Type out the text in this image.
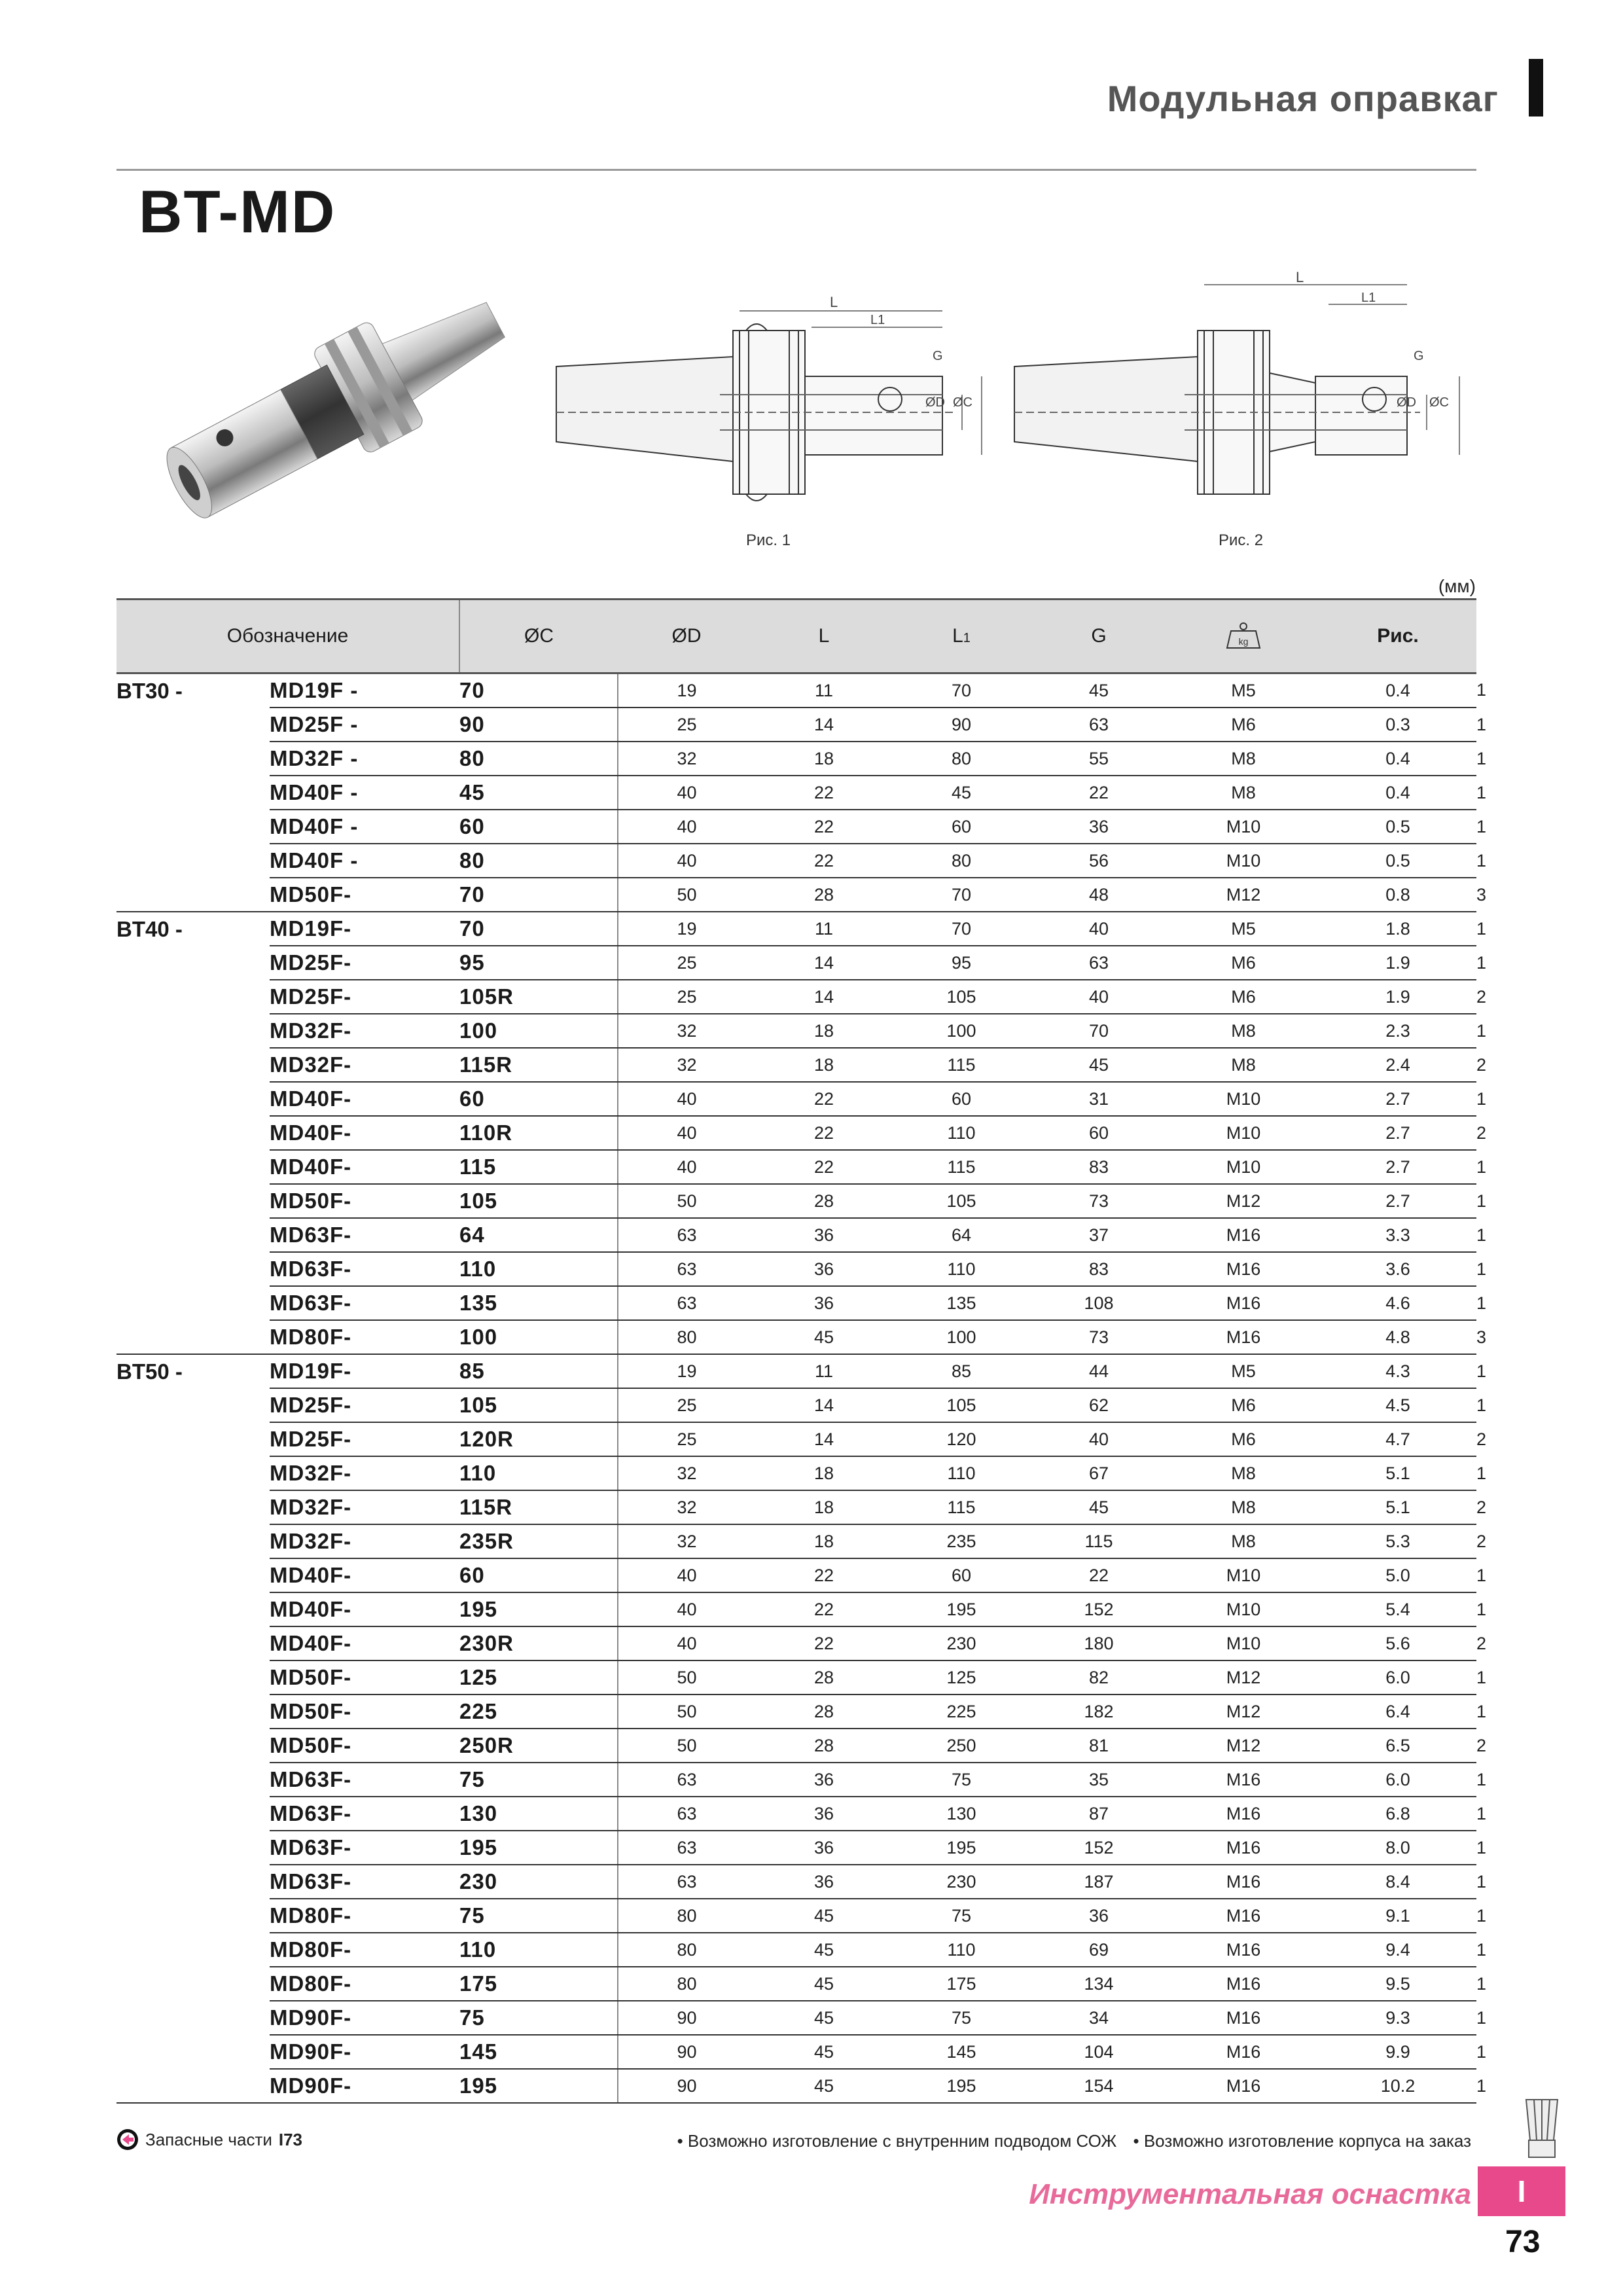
Модульная оправкаг
BT-MD
L
L1
G
ØD ØC
Рис. 1
L
L1
G
ØD ØC
Рис. 2
(мм)
Обозначение		ØC	ØD	L	L1	G	kg	Рис.	
BT30 -	MD19F -	70	19	11	70	45	M5	0.4	1
	MD25F -	90	25	14	90	63	M6	0.3	1
	MD32F -	80	32	18	80	55	M8	0.4	1
	MD40F -	45	40	22	45	22	M8	0.4	1
	MD40F -	60	40	22	60	36	M10	0.5	1
	MD40F -	80	40	22	80	56	M10	0.5	1
	MD50F-	70	50	28	70	48	M12	0.8	3
BT40 -	MD19F-	70	19	11	70	40	M5	1.8	1
	MD25F-	95	25	14	95	63	M6	1.9	1
	MD25F-	105R	25	14	105	40	M6	1.9	2
	MD32F-	100	32	18	100	70	M8	2.3	1
	MD32F-	115R	32	18	115	45	M8	2.4	2
	MD40F-	60	40	22	60	31	M10	2.7	1
	MD40F-	110R	40	22	110	60	M10	2.7	2
	MD40F-	115	40	22	115	83	M10	2.7	1
	MD50F-	105	50	28	105	73	M12	2.7	1
	MD63F-	64	63	36	64	37	M16	3.3	1
	MD63F-	110	63	36	110	83	M16	3.6	1
	MD63F-	135	63	36	135	108	M16	4.6	1
	MD80F-	100	80	45	100	73	M16	4.8	3
BT50 -	MD19F-	85	19	11	85	44	M5	4.3	1
	MD25F-	105	25	14	105	62	M6	4.5	1
	MD25F-	120R	25	14	120	40	M6	4.7	2
	MD32F-	110	32	18	110	67	M8	5.1	1
	MD32F-	115R	32	18	115	45	M8	5.1	2
	MD32F-	235R	32	18	235	115	M8	5.3	2
	MD40F-	60	40	22	60	22	M10	5.0	1
	MD40F-	195	40	22	195	152	M10	5.4	1
	MD40F-	230R	40	22	230	180	M10	5.6	2
	MD50F-	125	50	28	125	82	M12	6.0	1
	MD50F-	225	50	28	225	182	M12	6.4	1
	MD50F-	250R	50	28	250	81	M12	6.5	2
	MD63F-	75	63	36	75	35	M16	6.0	1
	MD63F-	130	63	36	130	87	M16	6.8	1
	MD63F-	195	63	36	195	152	M16	8.0	1
	MD63F-	230	63	36	230	187	M16	8.4	1
	MD80F-	75	80	45	75	36	M16	9.1	1
	MD80F-	110	80	45	110	69	M16	9.4	1
	MD80F-	175	80	45	175	134	M16	9.5	1
	MD90F-	75	90	45	75	34	M16	9.3	1
	MD90F-	145	90	45	145	104	M16	9.9	1
	MD90F-	195	90	45	195	154	M16	10.2	1
Запасные части I73	• Возможно изготовление с внутренним подводом СОЖ • Возможно изготовление корпуса на заказ
Инструментальная оснастка	I
73
